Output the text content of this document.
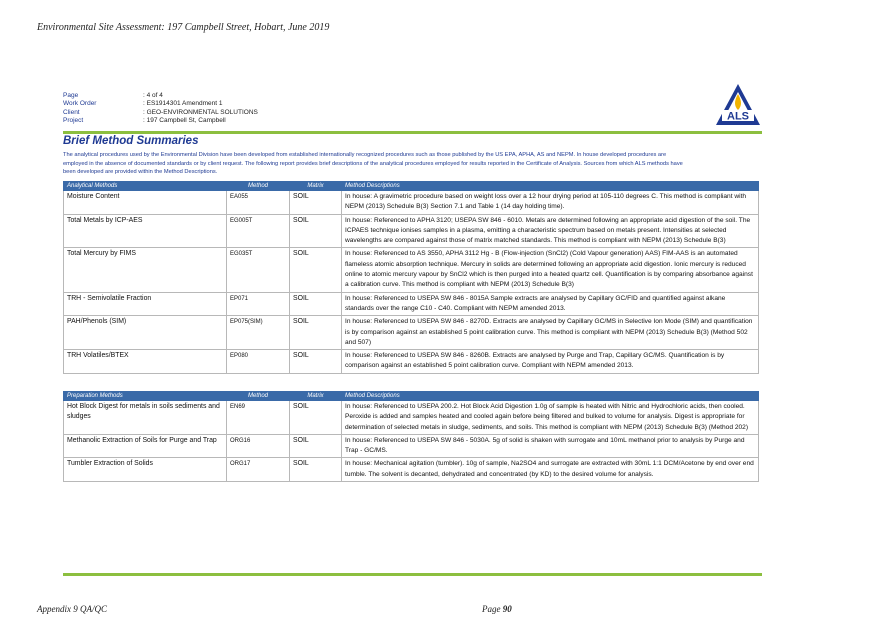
Environmental Site Assessment: 197 Campbell Street, Hobart, June 2019
Page	: 4 of 4
Work Order	: ES1914301 Amendment 1
Client	: GEO-ENVIRONMENTAL SOLUTIONS
Project	: 197 Campbell St, Campbell	ALS
Brief Method Summaries
The analytical procedures used by the Environmental Division have been developed from established internationally recognized procedures such as those published by the US EPA, APHA, AS and NEPM. In house developed procedures are employed in the absence of documented standards or by client request. The following report provides brief descriptions of the analytical procedures employed for results reported in the Certificate of Analysis. Sources from which ALS methods have been developed are provided within the Method Descriptions.
Analytical Methods	Method	Matrix	Method Descriptions
Moisture Content	EA055	SOIL	In house: A gravimetric procedure based on weight loss over a 12 hour drying period at 105-110 degrees C. This method is compliant with NEPM (2013) Schedule B(3) Section 7.1 and Table 1 (14 day holding time).
Total Metals by ICP-AES	EG005T	SOIL	In house: Referenced to APHA 3120; USEPA SW 846 - 6010. Metals are determined following an appropriate acid digestion of the soil. The ICPAES technique ionises samples in a plasma, emitting a characteristic spectrum based on metals present. Intensities at selected wavelengths are compared against those of matrix matched standards. This method is compliant with NEPM (2013) Schedule B(3)
Total Mercury by FIMS	EG035T	SOIL	In house: Referenced to AS 3550, APHA 3112 Hg - B (Flow-injection (SnCl2) (Cold Vapour generation) AAS) FIM-AAS is an automated flameless atomic absorption technique. Mercury in solids are determined following an appropriate acid digestion. Ionic mercury is reduced online to atomic mercury vapour by SnCl2 which is then purged into a heated quartz cell. Quantification is by comparing absorbance against a calibration curve. This method is compliant with NEPM (2013) Schedule B(3)
TRH - Semivolatile Fraction	EP071	SOIL	In house: Referenced to USEPA SW 846 - 8015A Sample extracts are analysed by Capillary GC/FID and quantified against alkane standards over the range C10 - C40. Compliant with NEPM amended 2013.
PAH/Phenols (SIM)	EP075(SIM)	SOIL	In house: Referenced to USEPA SW 846 - 8270D. Extracts are analysed by Capillary GC/MS in Selective Ion Mode (SIM) and quantification is by comparison against an established 5 point calibration curve. This method is compliant with NEPM (2013) Schedule B(3) (Method 502 and 507)
TRH Volatiles/BTEX	EP080	SOIL	In house: Referenced to USEPA SW 846 - 8260B. Extracts are analysed by Purge and Trap, Capillary GC/MS. Quantification is by comparison against an established 5 point calibration curve. Compliant with NEPM amended 2013.
Preparation Methods	Method	Matrix	Method Descriptions
Hot Block Digest for metals in soils sediments and sludges	EN69	SOIL	In house: Referenced to USEPA 200.2. Hot Block Acid Digestion 1.0g of sample is heated with Nitric and Hydrochloric acids, then cooled. Peroxide is added and samples heated and cooled again before being filtered and bulked to volume for analysis. Digest is appropriate for determination of selected metals in sludge, sediments, and soils. This method is compliant with NEPM (2013) Schedule B(3) (Method 202)
Methanolic Extraction of Soils for Purge and Trap	ORG16	SOIL	In house: Referenced to USEPA SW 846 - 5030A. 5g of solid is shaken with surrogate and 10mL methanol prior to analysis by Purge and Trap - GC/MS.
Tumbler Extraction of Solids	ORG17	SOIL	In house: Mechanical agitation (tumbler). 10g of sample, Na2SO4 and surrogate are extracted with 30mL 1:1 DCM/Acetone by end over end tumble. The solvent is decanted, dehydrated and concentrated (by KD) to the desired volume for analysis.
Appendix 9 QA/QC	Page 90
